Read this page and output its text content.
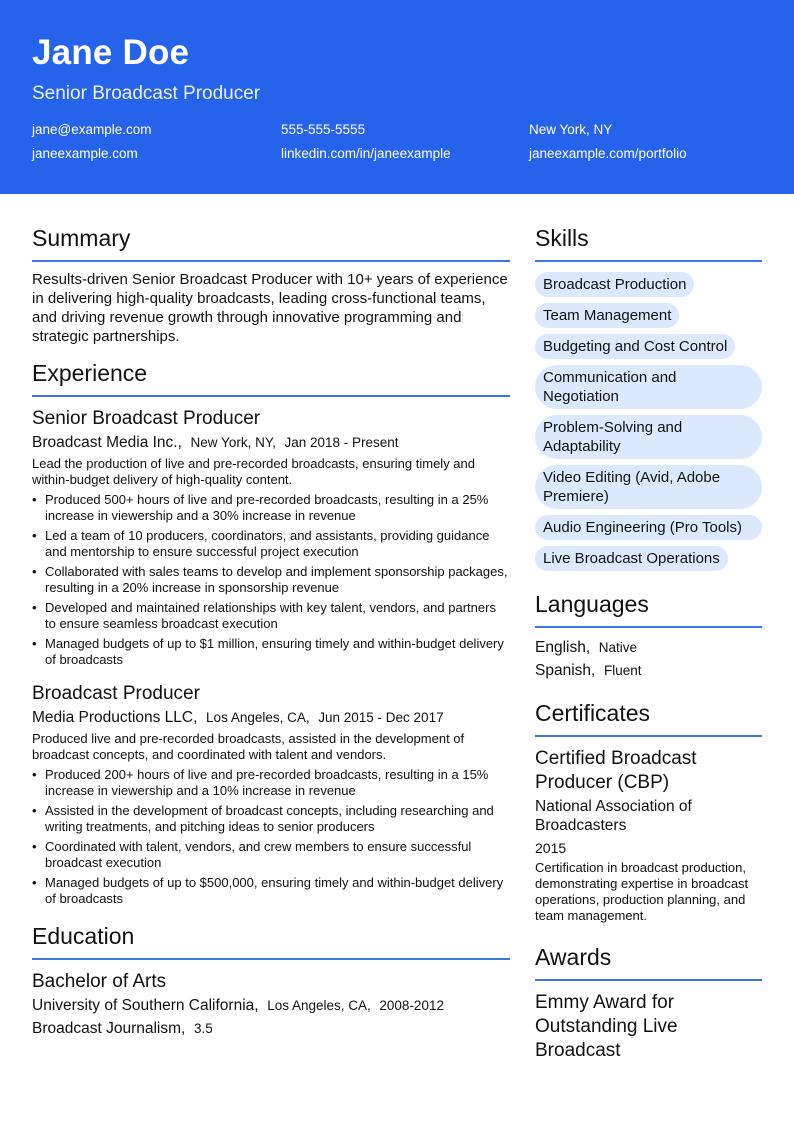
Jane Doe
Senior Broadcast Producer
jane@example.com	555-555-5555	New York, NY
janeexample.com	linkedin.com/in/janeexample	janeexample.com/portfolio
Summary
Results-driven Senior Broadcast Producer with 10+ years of experience in delivering high-quality broadcasts, leading cross-functional teams, and driving revenue growth through innovative programming and strategic partnerships.
Experience
Senior Broadcast Producer
Broadcast Media Inc., New York, NY, Jan 2018 - Present
Lead the production of live and pre-recorded broadcasts, ensuring timely and within-budget delivery of high-quality content.
• Produced 500+ hours of live and pre-recorded broadcasts, resulting in a 25% increase in viewership and a 30% increase in revenue
• Led a team of 10 producers, coordinators, and assistants, providing guidance and mentorship to ensure successful project execution
• Collaborated with sales teams to develop and implement sponsorship packages, resulting in a 20% increase in sponsorship revenue
• Developed and maintained relationships with key talent, vendors, and partners to ensure seamless broadcast execution
• Managed budgets of up to $1 million, ensuring timely and within-budget delivery of broadcasts
Broadcast Producer
Media Productions LLC, Los Angeles, CA, Jun 2015 - Dec 2017
Produced live and pre-recorded broadcasts, assisted in the development of broadcast concepts, and coordinated with talent and vendors.
• Produced 200+ hours of live and pre-recorded broadcasts, resulting in a 15% increase in viewership and a 10% increase in revenue
• Assisted in the development of broadcast concepts, including researching and writing treatments, and pitching ideas to senior producers
• Coordinated with talent, vendors, and crew members to ensure successful broadcast execution
• Managed budgets of up to $500,000, ensuring timely and within-budget delivery of broadcasts
Education
Bachelor of Arts
University of Southern California, Los Angeles, CA, 2008-2012
Broadcast Journalism, 3.5
Skills
Broadcast Production
Team Management
Budgeting and Cost Control
Communication and Negotiation
Problem-Solving and Adaptability
Video Editing (Avid, Adobe Premiere)
Audio Engineering (Pro Tools)
Live Broadcast Operations
Languages
English, Native
Spanish, Fluent
Certificates
Certified Broadcast Producer (CBP)
National Association of Broadcasters
2015
Certification in broadcast production, demonstrating expertise in broadcast operations, production planning, and team management.
Awards
Emmy Award for Outstanding Live Broadcast
